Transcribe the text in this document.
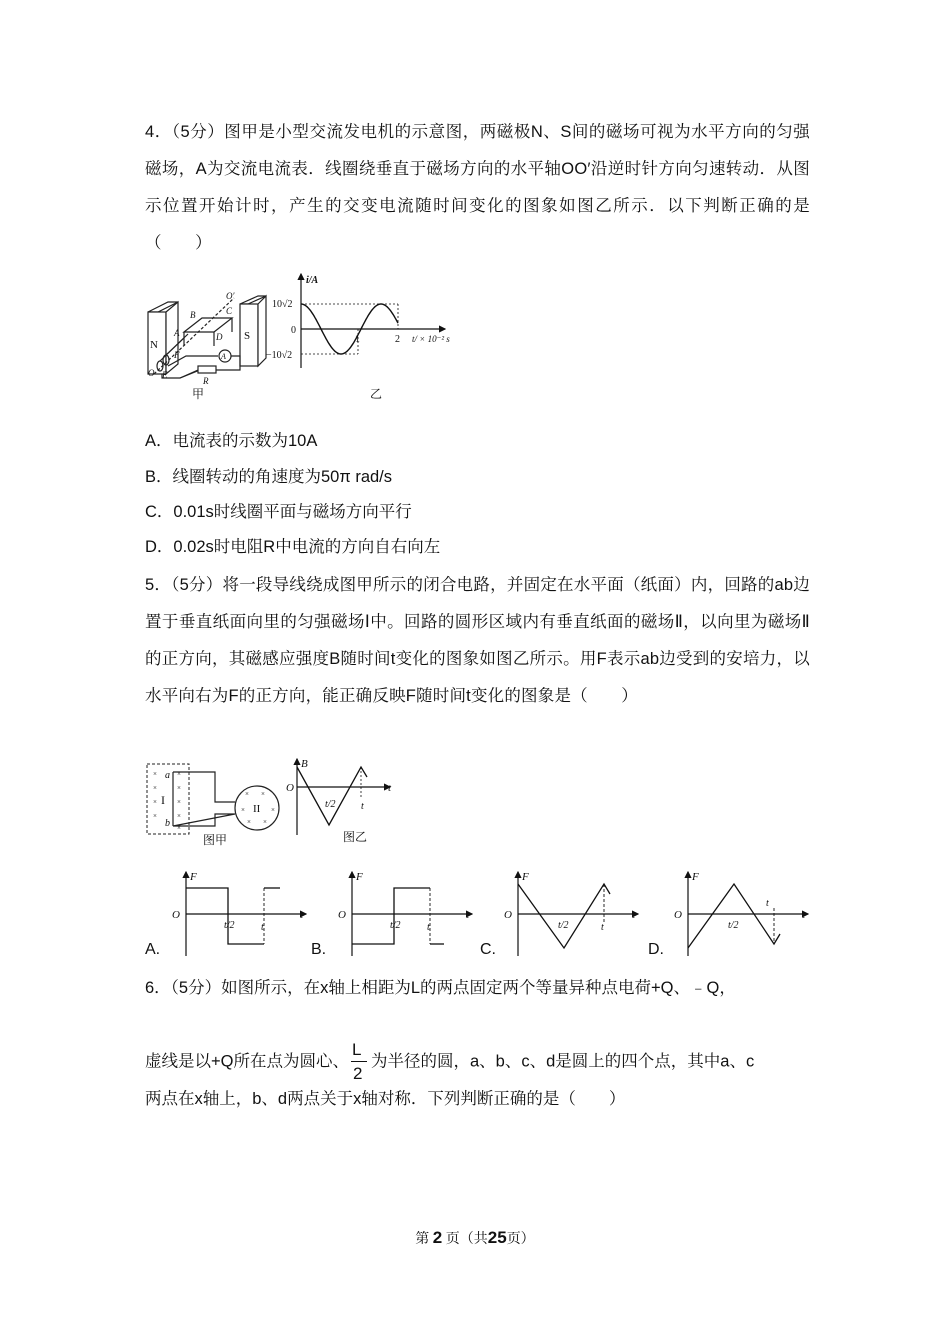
4．（5分）图甲是小型交流发电机的示意图，两磁极N、S间的磁场可视为水平方向的匀强磁场，A为交流电流表．线圈绕垂直于磁场方向的水平轴OO′沿逆时针方向匀速转动．从图示位置开始计时，产生的交变电流随时间变化的图象如图乙所示．以下判断正确的是（　　）
N
S
O′
B	C
A	D
F
E
O
A
R
甲
i/A
10√2
−10√2
0
1	2 t/ × 10⁻² s
乙
A．电流表的示数为10A
B．线圈转动的角速度为50π rad/s
C．0.01s时线圈平面与磁场方向平行
D．0.02s时电阻R中电流的方向自右向左
5．（5分）将一段导线绕成图甲所示的闭合电路，并固定在水平面（纸面）内，回路的ab边置于垂直纸面向里的匀强磁场Ⅰ中。回路的圆形区域内有垂直纸面的磁场Ⅱ，以向里为磁场Ⅱ的正方向，其磁感应强度B随时间t变化的图象如图乙所示。用F表示ab边受到的安培力，以水平向右为F的正方向，能正确反映F随时间t变化的图象是（　　）
×	×
×	×
×	×
×	×
×
× ×
×	×
× ×
a
b
I
II
图甲
B
O
t/2	t
t
图乙
A.
F
O
t/2	t
t
B.
F
O
t/2	t
t
C.
F
O
t/2	t
t
D.
F
O
t/2
t
t
6．（5分）如图所示，在x轴上相距为L的两点固定两个等量异种点电荷+Q、﹣Q，
虚线是以+Q所在点为圆心、 $\frac{L}{2}$ 为半径的圆，a、b、c、d是圆上的四个点，其中a、c
两点在x轴上，b、d两点关于x轴对称．下列判断正确的是（　　）
第 2 页（共25页）
